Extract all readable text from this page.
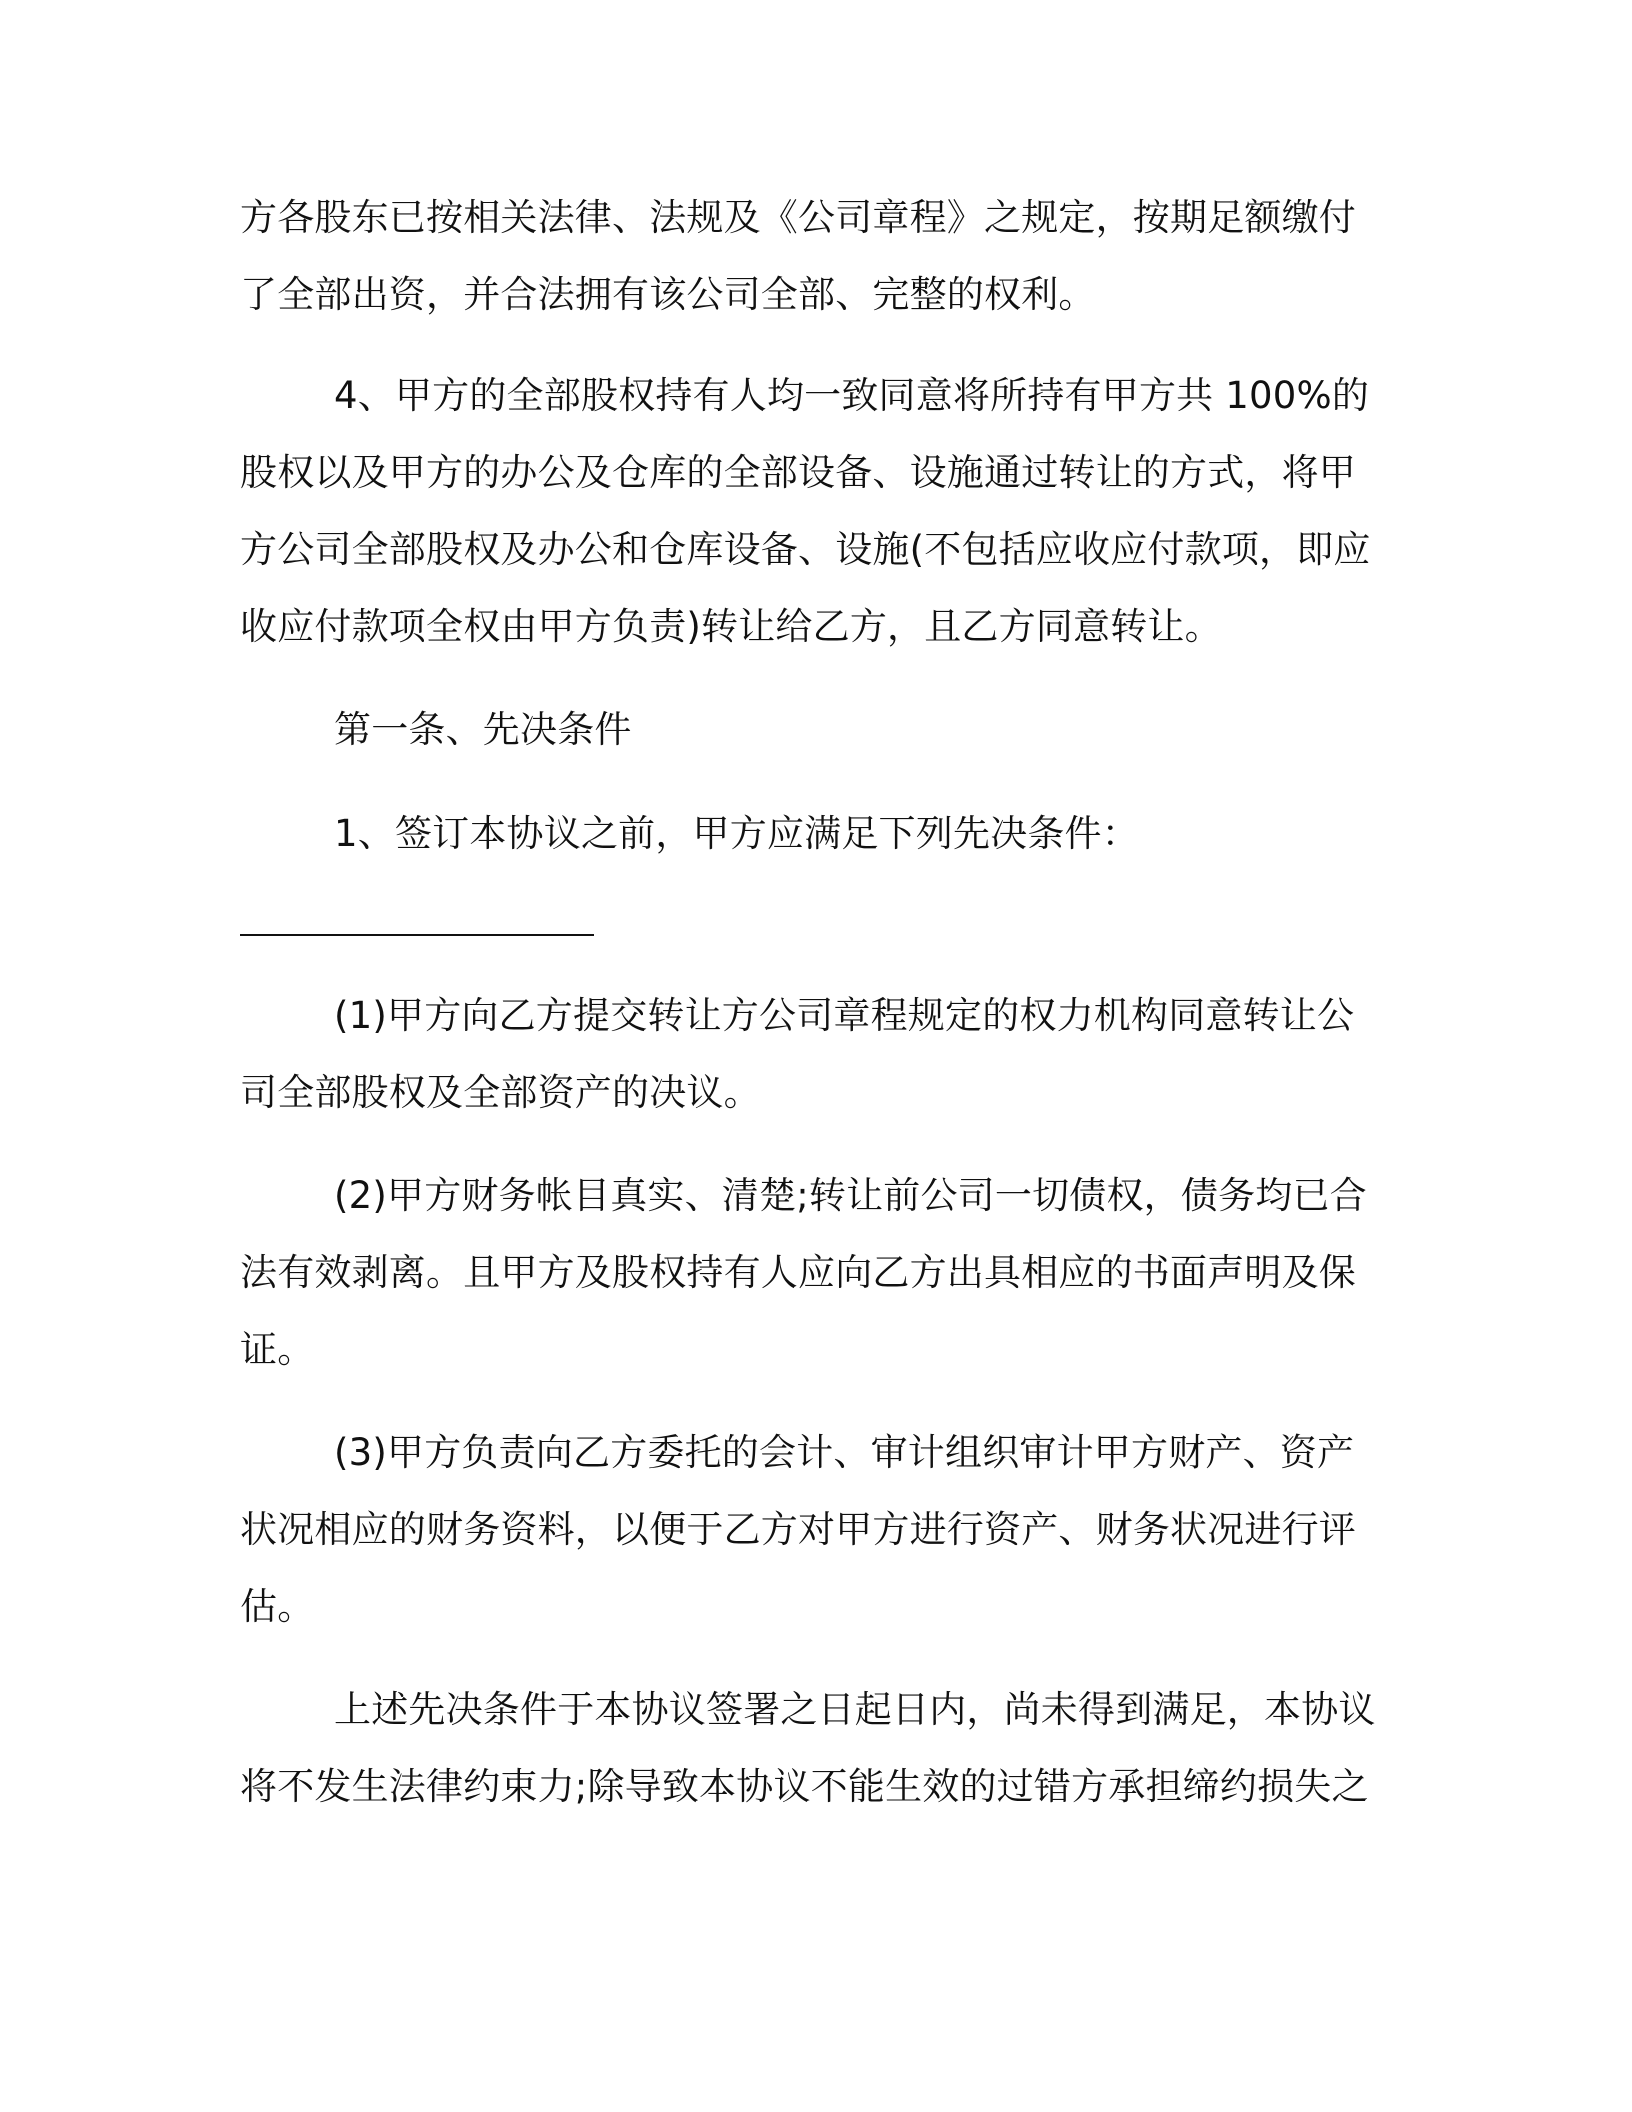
方各股东已按相关法律、法规及《公司章程》之规定，按期足额缴付

了全部出资，并合法拥有该公司全部、完整的权利。

4、甲方的全部股权持有人均一致同意将所持有甲方共 100%的

股权以及甲方的办公及仓库的全部设备、设施通过转让的方式，将甲

方公司全部股权及办公和仓库设备、设施(不包括应收应付款项，即应

收应付款项全权由甲方负责)转让给乙方，且乙方同意转让。

第一条、先决条件

1、签订本协议之前，甲方应满足下列先决条件：

(1)甲方向乙方提交转让方公司章程规定的权力机构同意转让公

司全部股权及全部资产的决议。

(2)甲方财务帐目真实、清楚;转让前公司一切债权，债务均已合

法有效剥离。且甲方及股权持有人应向乙方出具相应的书面声明及保

证。

(3)甲方负责向乙方委托的会计、审计组织审计甲方财产、资产

状况相应的财务资料，以便于乙方对甲方进行资产、财务状况进行评

估。

上述先决条件于本协议签署之日起日内，尚未得到满足，本协议

将不发生法律约束力;除导致本协议不能生效的过错方承担缔约损失之
